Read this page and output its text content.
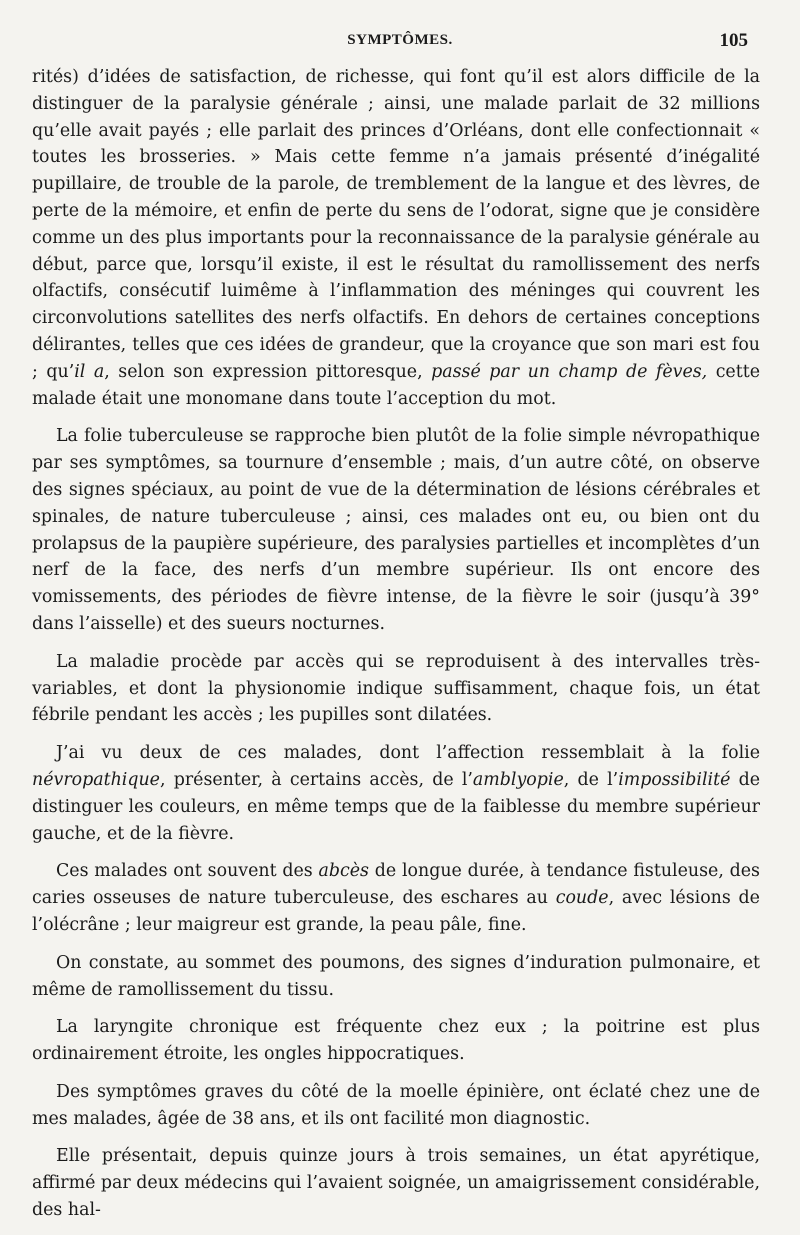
SYMPTÔMES.	105

rités) d’idées de satisfaction, de richesse, qui font qu’il est alors difficile de la distinguer de la paralysie générale ; ainsi, une malade parlait de 32 millions qu’elle avait payés ; elle parlait des princes d’Orléans, dont elle confectionnait « toutes les brosseries. » Mais cette femme n’a jamais présenté d’inégalité pupillaire, de trouble de la parole, de tremblement de la langue et des lèvres, de perte de la mémoire, et enfin de perte du sens de l’odorat, signe que je considère comme un des plus importants pour la reconnaissance de la paralysie générale au début, parce que, lorsqu’il existe, il est le résultat du ramollissement des nerfs olfactifs, consécutif luimême à l’inflammation des méninges qui couvrent les circonvolutions satellites des nerfs olfactifs. En dehors de certaines conceptions délirantes, telles que ces idées de grandeur, que la croyance que son mari est fou ; qu’il a, selon son expression pittoresque, passé par un champ de fèves, cette malade était une monomane dans toute l’acception du mot.

La folie tuberculeuse se rapproche bien plutôt de la folie simple névropathique par ses symptômes, sa tournure d’ensemble ; mais, d’un autre côté, on observe des signes spéciaux, au point de vue de la détermination de lésions cérébrales et spinales, de nature tuberculeuse ; ainsi, ces malades ont eu, ou bien ont du prolapsus de la paupière supérieure, des paralysies partielles et incomplètes d’un nerf de la face, des nerfs d’un membre supérieur. Ils ont encore des vomissements, des périodes de fièvre intense, de la fièvre le soir (jusqu’à 39° dans l’aisselle) et des sueurs nocturnes.

La maladie procède par accès qui se reproduisent à des intervalles très-variables, et dont la physionomie indique suffisamment, chaque fois, un état fébrile pendant les accès ; les pupilles sont dilatées.

J’ai vu deux de ces malades, dont l’affection ressemblait à la folie névropathique, présenter, à certains accès, de l’amblyopie, de l’impossibilité de distinguer les couleurs, en même temps que de la faiblesse du membre supérieur gauche, et de la fièvre.

Ces malades ont souvent des abcès de longue durée, à tendance fistuleuse, des caries osseuses de nature tuberculeuse, des eschares au coude, avec lésions de l’olécrâne ; leur maigreur est grande, la peau pâle, fine.

On constate, au sommet des poumons, des signes d’induration pulmonaire, et même de ramollissement du tissu.

La laryngite chronique est fréquente chez eux ; la poitrine est plus ordinairement étroite, les ongles hippocratiques.

Des symptômes graves du côté de la moelle épinière, ont éclaté chez une de mes malades, âgée de 38 ans, et ils ont facilité mon diagnostic.

Elle présentait, depuis quinze jours à trois semaines, un état apyrétique, affirmé par deux médecins qui l’avaient soignée, un amaigrissement considérable, des hal-
